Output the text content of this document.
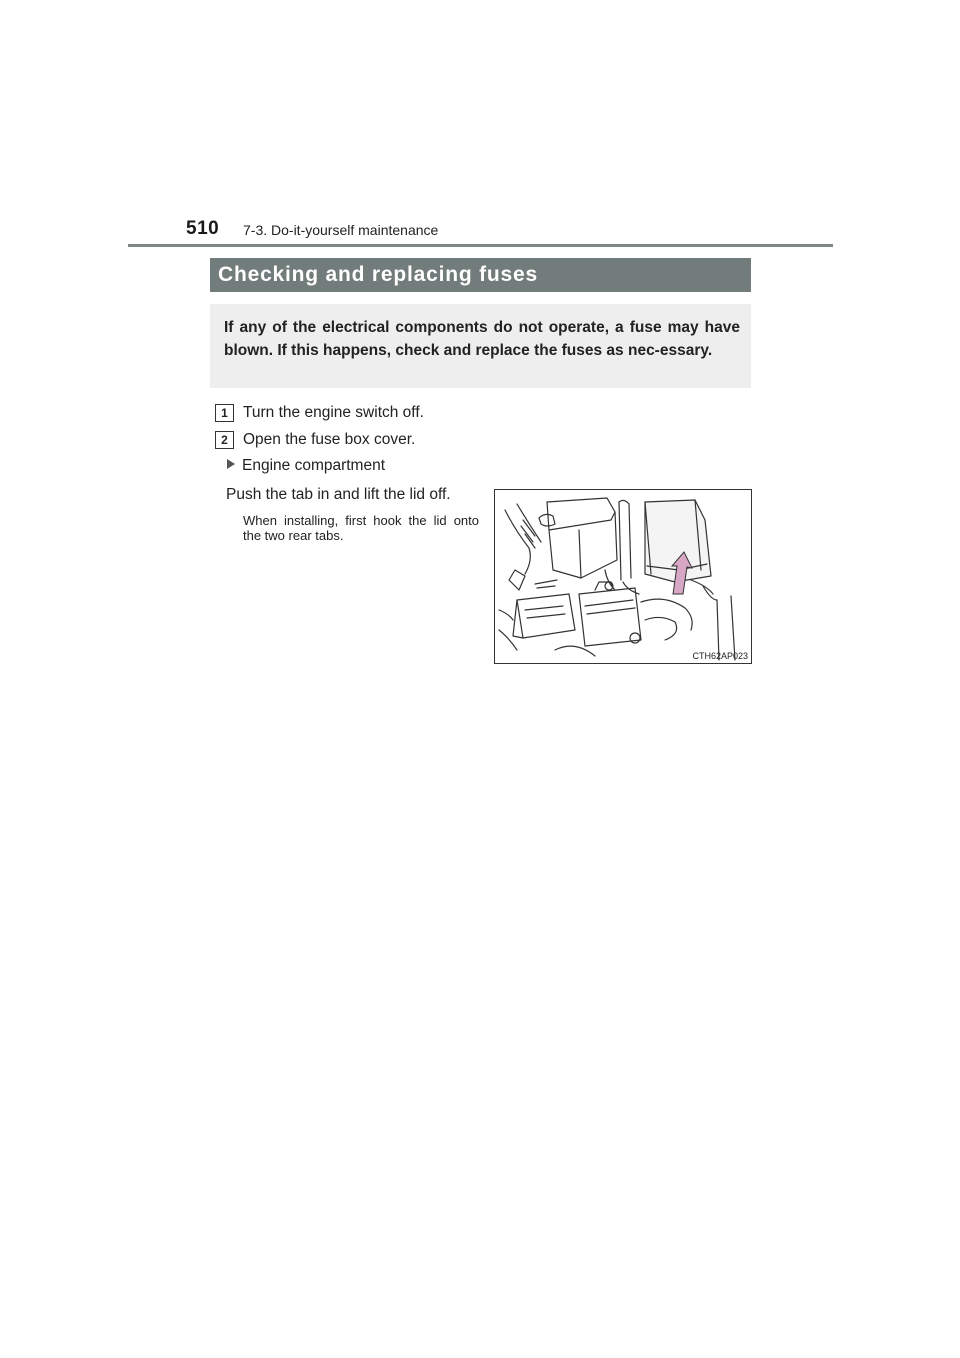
510 7-3. Do-it-yourself maintenance
Checking and replacing fuses
If any of the electrical components do not operate, a fuse may have blown. If this happens, check and replace the fuses as nec-essary.
1 Turn the engine switch off.
2 Open the fuse box cover.
Engine compartment
Push the tab in and lift the lid off.
When installing, first hook the lid onto the two rear tabs.
CTH62AP023
